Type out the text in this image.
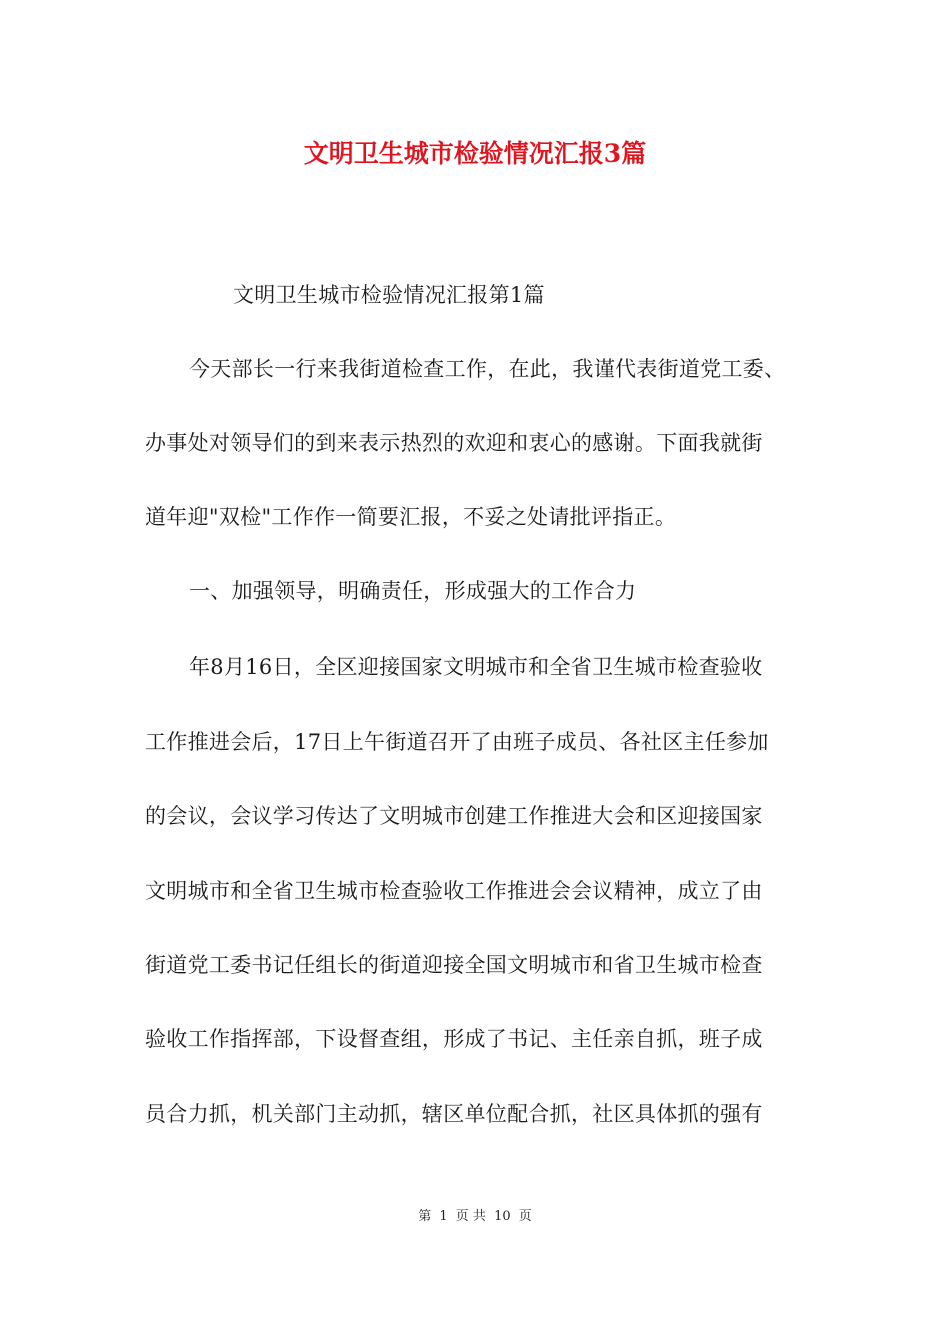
文明卫生城市检验情况汇报3篇
文明卫生城市检验情况汇报第1篇
今天部长一行来我街道检查工作，在此，我谨代表街道党工委、
办事处对领导们的到来表示热烈的欢迎和衷心的感谢。下面我就街
道年迎"双检"工作作一简要汇报，不妥之处请批评指正。
一、加强领导，明确责任，形成强大的工作合力
年8月16日，全区迎接国家文明城市和全省卫生城市检查验收
工作推进会后，17日上午街道召开了由班子成员、各社区主任参加
的会议，会议学习传达了文明城市创建工作推进大会和区迎接国家
文明城市和全省卫生城市检查验收工作推进会会议精神，成立了由
街道党工委书记任组长的街道迎接全国文明城市和省卫生城市检查
验收工作指挥部，下设督查组，形成了书记、主任亲自抓，班子成
员合力抓，机关部门主动抓，辖区单位配合抓，社区具体抓的强有
第 1 页 共 10 页
